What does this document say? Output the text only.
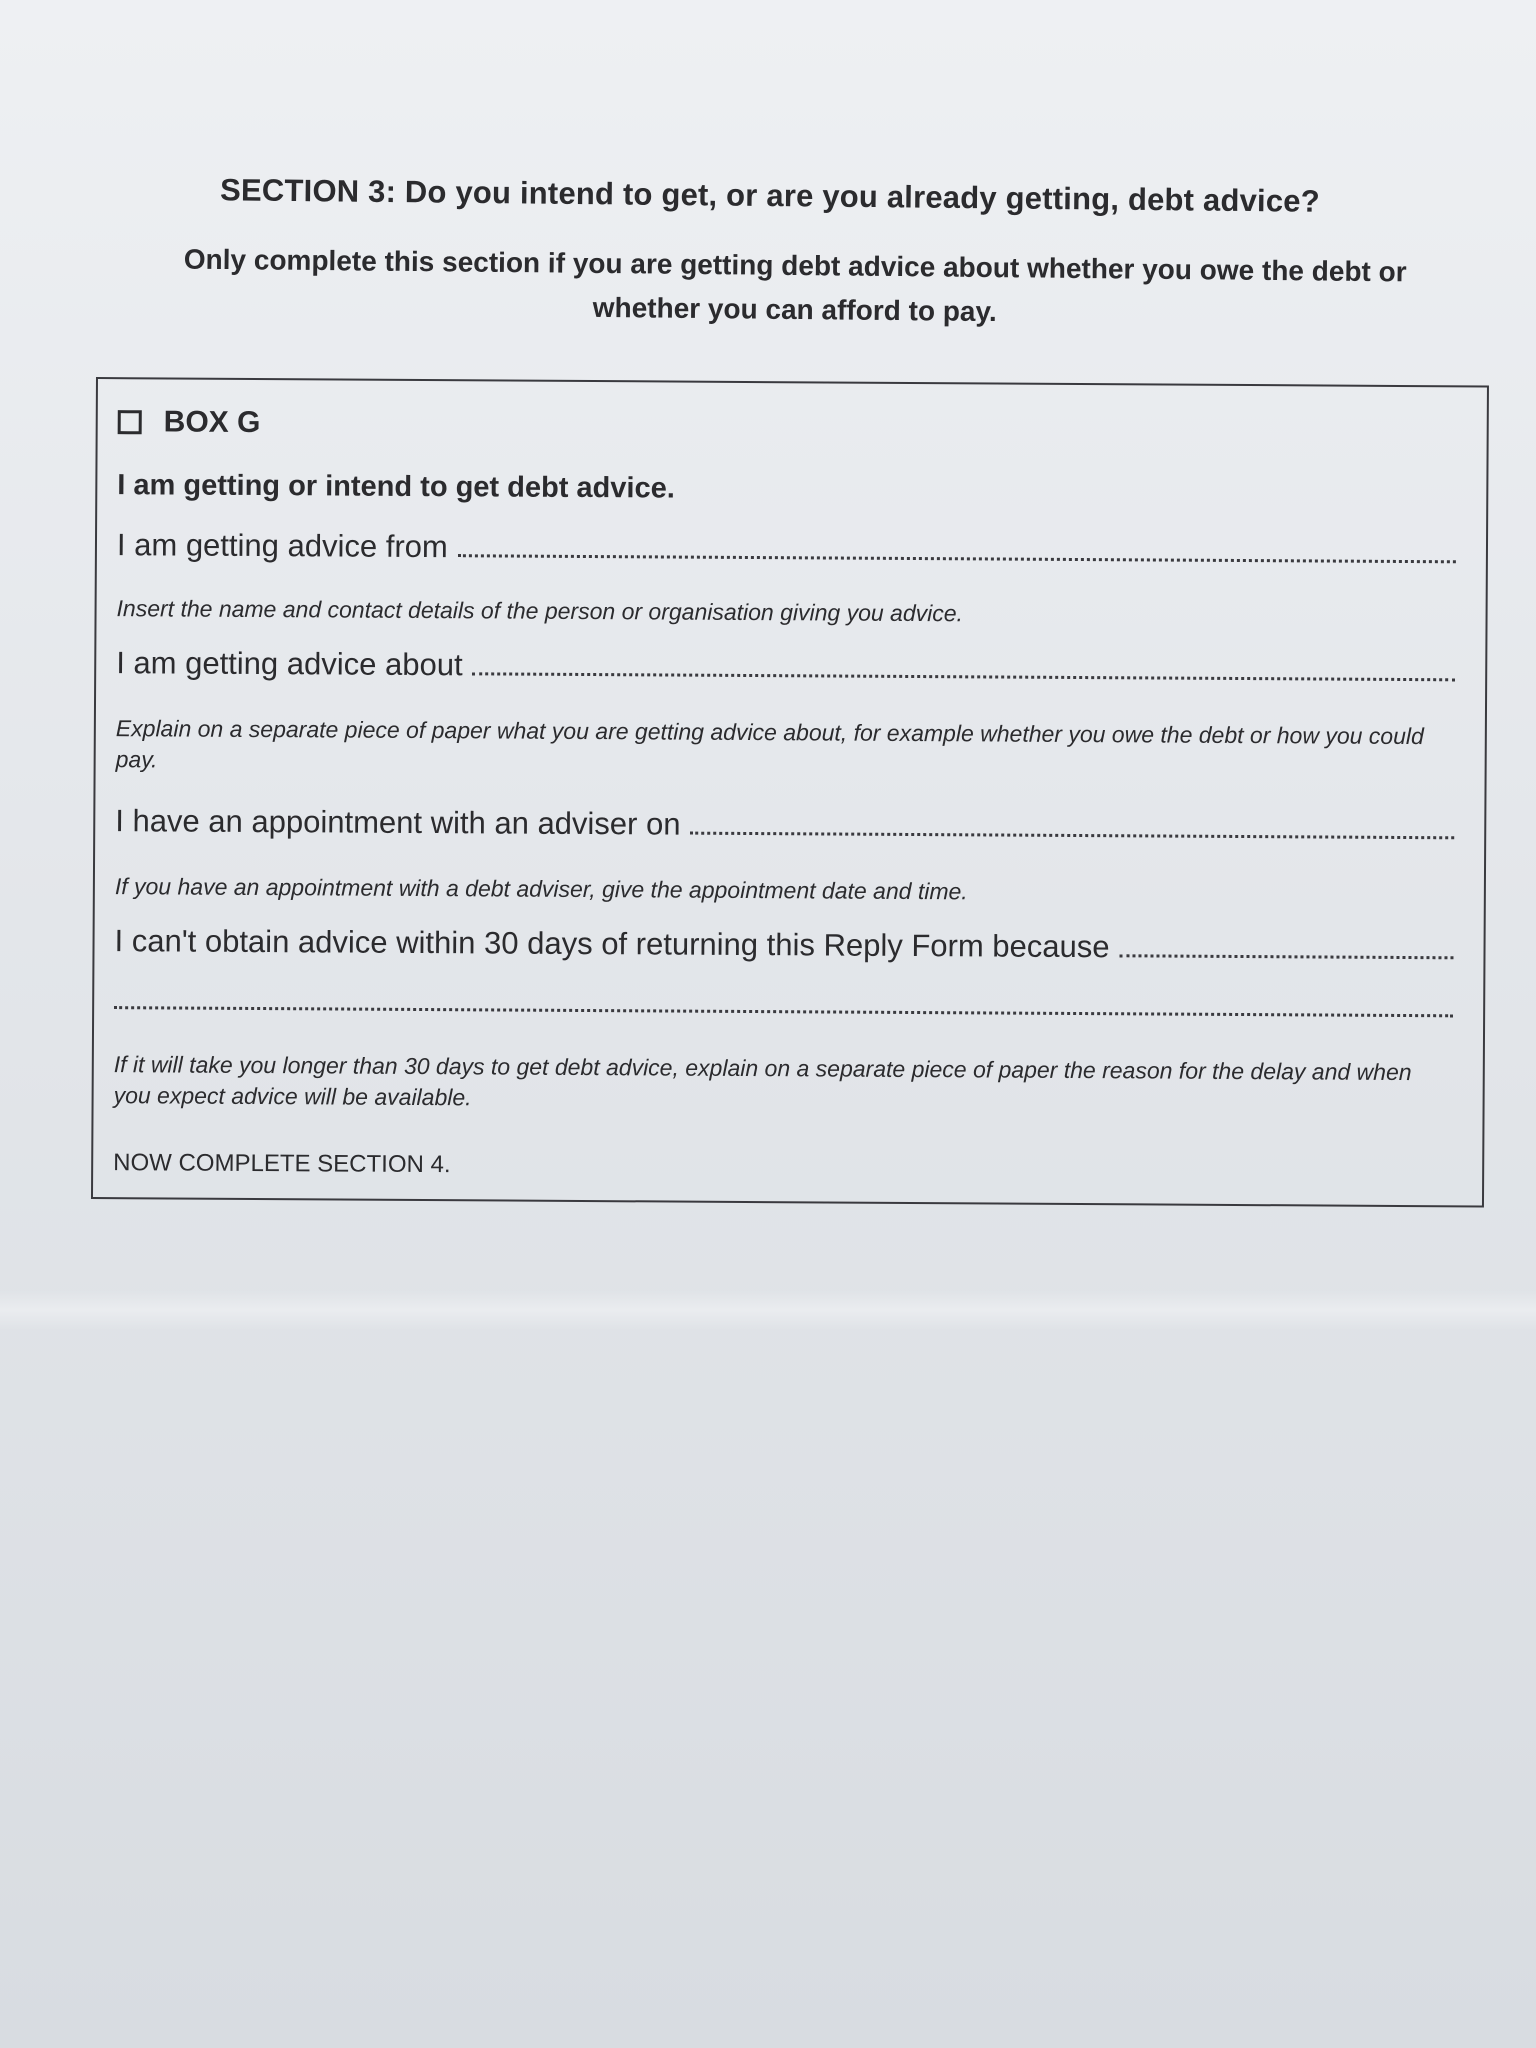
SECTION 3: Do you intend to get, or are you already getting, debt advice?
Only complete this section if you are getting debt advice about whether you owe the debt or whether you can afford to pay.
BOX G
I am getting or intend to get debt advice.
I am getting advice from
Insert the name and contact details of the person or organisation giving you advice.
I am getting advice about
Explain on a separate piece of paper what you are getting advice about, for example whether you owe the debt or how you could pay.
I have an appointment with an adviser on
If you have an appointment with a debt adviser, give the appointment date and time.
I can't obtain advice within 30 days of returning this Reply Form because
If it will take you longer than 30 days to get debt advice, explain on a separate piece of paper the reason for the delay and when you expect advice will be available.
NOW COMPLETE SECTION 4.
